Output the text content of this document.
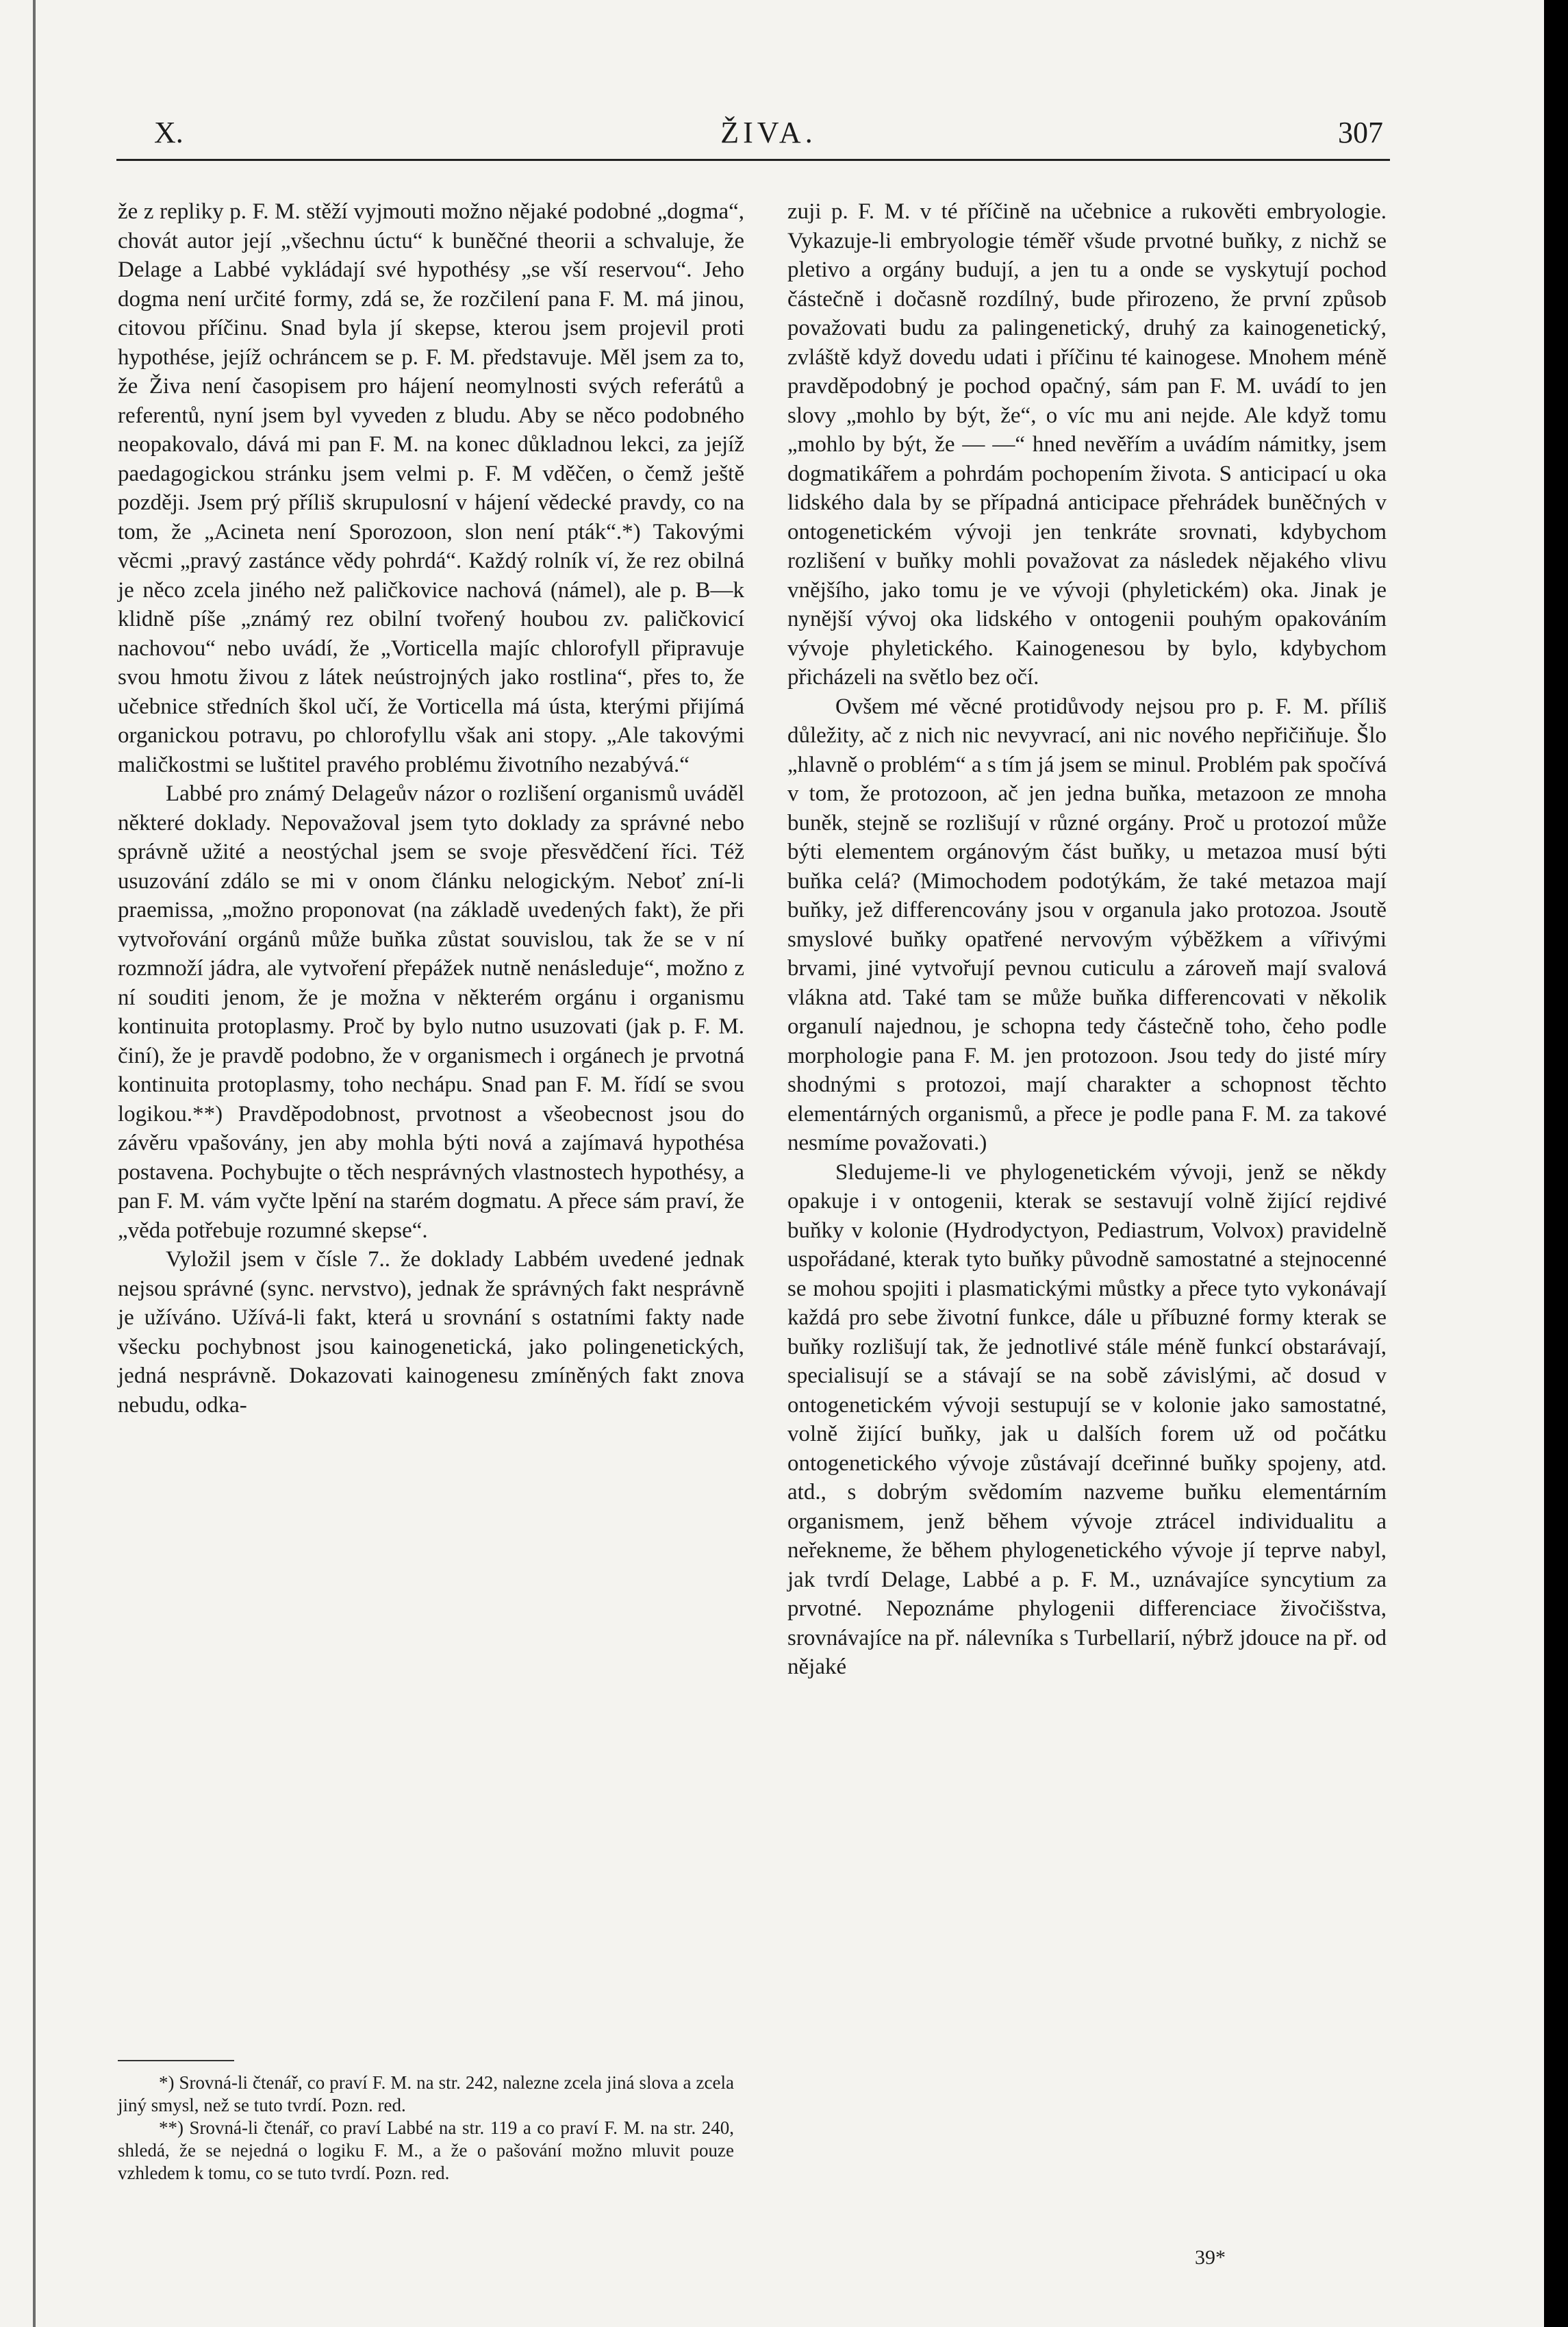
X.	ŽIVA.	307

že z repliky p. F. M. stěží vyjmouti možno nějaké podobné „dogma“, chovát autor její „všechnu úctu“ k buněčné theorii a schvaluje, že Delage a Labbé vykládají své hypothésy „se vší reservou“. Jeho dogma není určité formy, zdá se, že rozčilení pana F. M. má jinou, citovou příčinu. Snad byla jí skepse, kterou jsem projevil proti hypothése, jejíž ochráncem se p. F. M. představuje. Měl jsem za to, že Živa není časopisem pro hájení neomylnosti svých referátů a referentů, nyní jsem byl vyveden z bludu. Aby se něco podobného neopakovalo, dává mi pan F. M. na konec důkladnou lekci, za jejíž paedagogickou stránku jsem velmi p. F. M vděčen, o čemž ještě později. Jsem prý příliš skrupulosní v hájení vědecké pravdy, co na tom, že „Acineta není Sporozoon, slon není pták“.*) Takovými věcmi „pravý zastánce vědy pohrdá“. Každý rolník ví, že rez obilná je něco zcela jiného než paličkovice nachová (námel), ale p. B—k klidně píše „známý rez obilní tvořený houbou zv. paličkovicí nachovou“ nebo uvádí, že „Vorticella majíc chlorofyll připravuje svou hmotu živou z látek neústrojných jako rostlina“, přes to, že učebnice středních škol učí, že Vorticella má ústa, kterými přijímá organickou potravu, po chlorofyllu však ani stopy. „Ale takovými maličkostmi se luštitel pravého problému životního nezabývá.“

Labbé pro známý Delageův názor o rozlišení organismů uváděl některé doklady. Nepovažoval jsem tyto doklady za správné nebo správně užité a neostýchal jsem se svoje přesvědčení říci. Též usuzování zdálo se mi v onom článku nelogickým. Neboť zní-li praemissa, „možno proponovat (na základě uvedených fakt), že při vytvořování orgánů může buňka zůstat souvislou, tak že se v ní rozmnoží jádra, ale vytvoření přepážek nutně nenásleduje“, možno z ní souditi jenom, že je možna v některém orgánu i organismu kontinuita protoplasmy. Proč by bylo nutno usuzovati (jak p. F. M. činí), že je pravdě podobno, že v organismech i orgánech je prvotná kontinuita protoplasmy, toho nechápu. Snad pan F. M. řídí se svou logikou.**) Pravděpodobnost, prvotnost a všeobecnost jsou do závěru vpašovány, jen aby mohla býti nová a zajímavá hypothésa postavena. Pochybujte o těch nesprávných vlastnostech hypothésy, a pan F. M. vám vyčte lpění na starém dogmatu. A přece sám praví, že „věda potřebuje rozumné skepse“.

Vyložil jsem v čísle 7.. že doklady Labbém uvedené jednak nejsou správné (sync. nervstvo), jednak že správných fakt nesprávně je užíváno. Užívá-li fakt, která u srovnání s ostatními fakty nade všecku pochybnost jsou kainogenetická, jako polingenetických, jedná nesprávně. Dokazovati kainogenesu zmíněných fakt znova nebudu, odka-

zuji p. F. M. v té příčině na učebnice a rukověti embryologie. Vykazuje-li embryologie téměř všude prvotné buňky, z nichž se pletivo a orgány budují, a jen tu a onde se vyskytují pochod částečně i dočasně rozdílný, bude přirozeno, že první způsob považovati budu za palingenetický, druhý za kainogenetický, zvláště když dovedu udati i příčinu té kainogese. Mnohem méně pravděpodobný je pochod opačný, sám pan F. M. uvádí to jen slovy „mohlo by být, že“, o víc mu ani nejde. Ale když tomu „mohlo by být, že — —“ hned nevěřím a uvádím námitky, jsem dogmatikářem a pohrdám pochopením života. S anticipací u oka lidského dala by se případná anticipace přehrádek buněčných v ontogenetickém vývoji jen tenkráte srovnati, kdybychom rozlišení v buňky mohli považovat za následek nějakého vlivu vnějšího, jako tomu je ve vývoji (phyletickém) oka. Jinak je nynější vývoj oka lidského v ontogenii pouhým opakováním vývoje phyletického. Kainogenesou by bylo, kdybychom přicházeli na světlo bez očí.

Ovšem mé věcné protidůvody nejsou pro p. F. M. příliš důležity, ač z nich nic nevyvrací, ani nic nového nepřičiňuje. Šlo „hlavně o problém“ a s tím já jsem se minul. Problém pak spočívá v tom, že protozoon, ač jen jedna buňka, metazoon ze mnoha buněk, stejně se rozlišují v různé orgány. Proč u protozoí může býti elementem orgánovým část buňky, u metazoa musí býti buňka celá? (Mimochodem podotýkám, že také metazoa mají buňky, jež differencovány jsou v organula jako protozoa. Jsoutě smyslové buňky opatřené nervovým výběžkem a vířivými brvami, jiné vytvořují pevnou cuticulu a zároveň mají svalová vlákna atd. Také tam se může buňka differencovati v několik organulí najednou, je schopna tedy částečně toho, čeho podle morphologie pana F. M. jen protozoon. Jsou tedy do jisté míry shodnými s protozoi, mají charakter a schopnost těchto elementárných organismů, a přece je podle pana F. M. za takové nesmíme považovati.)

Sledujeme-li ve phylogenetickém vývoji, jenž se někdy opakuje i v ontogenii, kterak se sestavují volně žijící rejdivé buňky v kolonie (Hydrodyctyon, Pediastrum, Volvox) pravidelně uspořádané, kterak tyto buňky původně samostatné a stejnocenné se mohou spojiti i plasmatickými můstky a přece tyto vykonávají každá pro sebe životní funkce, dále u příbuzné formy kterak se buňky rozlišují tak, že jednotlivé stále méně funkcí obstarávají, specialisují se a stávají se na sobě závislými, ač dosud v ontogenetickém vývoji sestupují se v kolonie jako samostatné, volně žijící buňky, jak u dalších forem už od počátku ontogenetického vývoje zůstávají dceřinné buňky spojeny, atd. atd., s dobrým svědomím nazveme buňku elementárním organismem, jenž během vývoje ztrácel individualitu a neřekneme, že během phylogenetického vývoje jí teprve nabyl, jak tvrdí Delage, Labbé a p. F. M., uznávajíce syncytium za prvotné. Nepoznáme phylogenii differenciace živočišstva, srovnávajíce na př. nálevníka s Turbellarií, nýbrž jdouce na př. od nějaké

*) Srovná-li čtenář, co praví F. M. na str. 242, nalezne zcela jiná slova a zcela jiný smysl, než se tuto tvrdí. Pozn. red.

**) Srovná-li čtenář, co praví Labbé na str. 119 a co praví F. M. na str. 240, shledá, že se nejedná o logiku F. M., a že o pašování možno mluvit pouze vzhledem k tomu, co se tuto tvrdí. Pozn. red.

39*
